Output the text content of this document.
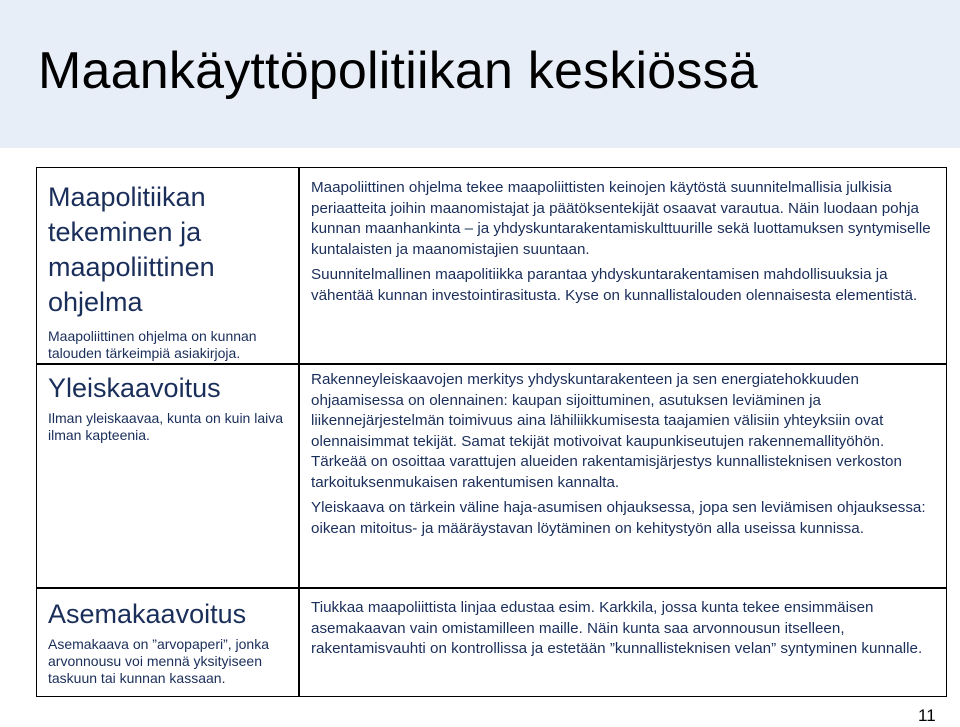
Maankäyttöpolitiikan keskiössä
Maapolitiikan tekeminen ja maapoliittinen ohjelma
Maapoliittinen ohjelma on kunnan talouden tärkeimpiä asiakirjoja.

Maapoliittinen ohjelma tekee maapoliittisten keinojen käytöstä suunnitelmallisia julkisia periaatteita joihin maanomistajat ja päätöksentekijät osaavat varautua. Näin luodaan pohja kunnan maanhankinta – ja yhdyskuntarakentamiskulttuurille sekä luottamuksen syntymiselle kuntalaisten ja maanomistajien suuntaan.

Suunnitelmallinen maapolitiikka parantaa yhdyskuntarakentamisen mahdollisuuksia ja vähentää kunnan investointirasitusta. Kyse on kunnallistalouden olennaisesta elementistä.

Yleiskaavoitus
Ilman yleiskaavaa, kunta on kuin laiva ilman kapteenia.

Rakenneyleiskaavojen merkitys yhdyskuntarakenteen ja sen energiatehokkuuden ohjaamisessa on olennainen: kaupan sijoittuminen, asutuksen leviäminen ja liikennejärjestelmän toimivuus aina lähiliikkumisesta taajamien välisiin yhteyksiin ovat olennaisimmat tekijät. Samat tekijät motivoivat kaupunkiseutujen rakennemallityöhön. Tärkeää on osoittaa varattujen alueiden rakentamisjärjestys kunnallisteknisen verkoston tarkoituksenmukaisen rakentumisen kannalta.

Yleiskaava on tärkein väline haja-asumisen ohjauksessa, jopa sen leviämisen ohjauksessa: oikean mitoitus- ja määräystavan löytäminen on kehitystyön alla useissa kunnissa.

Asemakaavoitus
Asemakaava on ”arvopaperi”, jonka arvonnousu voi mennä yksityiseen taskuun tai kunnan kassaan.

Tiukkaa maapoliittista linjaa edustaa esim. Karkkila, jossa kunta tekee ensimmäisen asemakaavan vain omistamilleen maille. Näin kunta saa arvonnousun itselleen, rakentamisvauhti on kontrollissa ja estetään ”kunnallisteknisen velan” syntyminen kunnalle.

11
